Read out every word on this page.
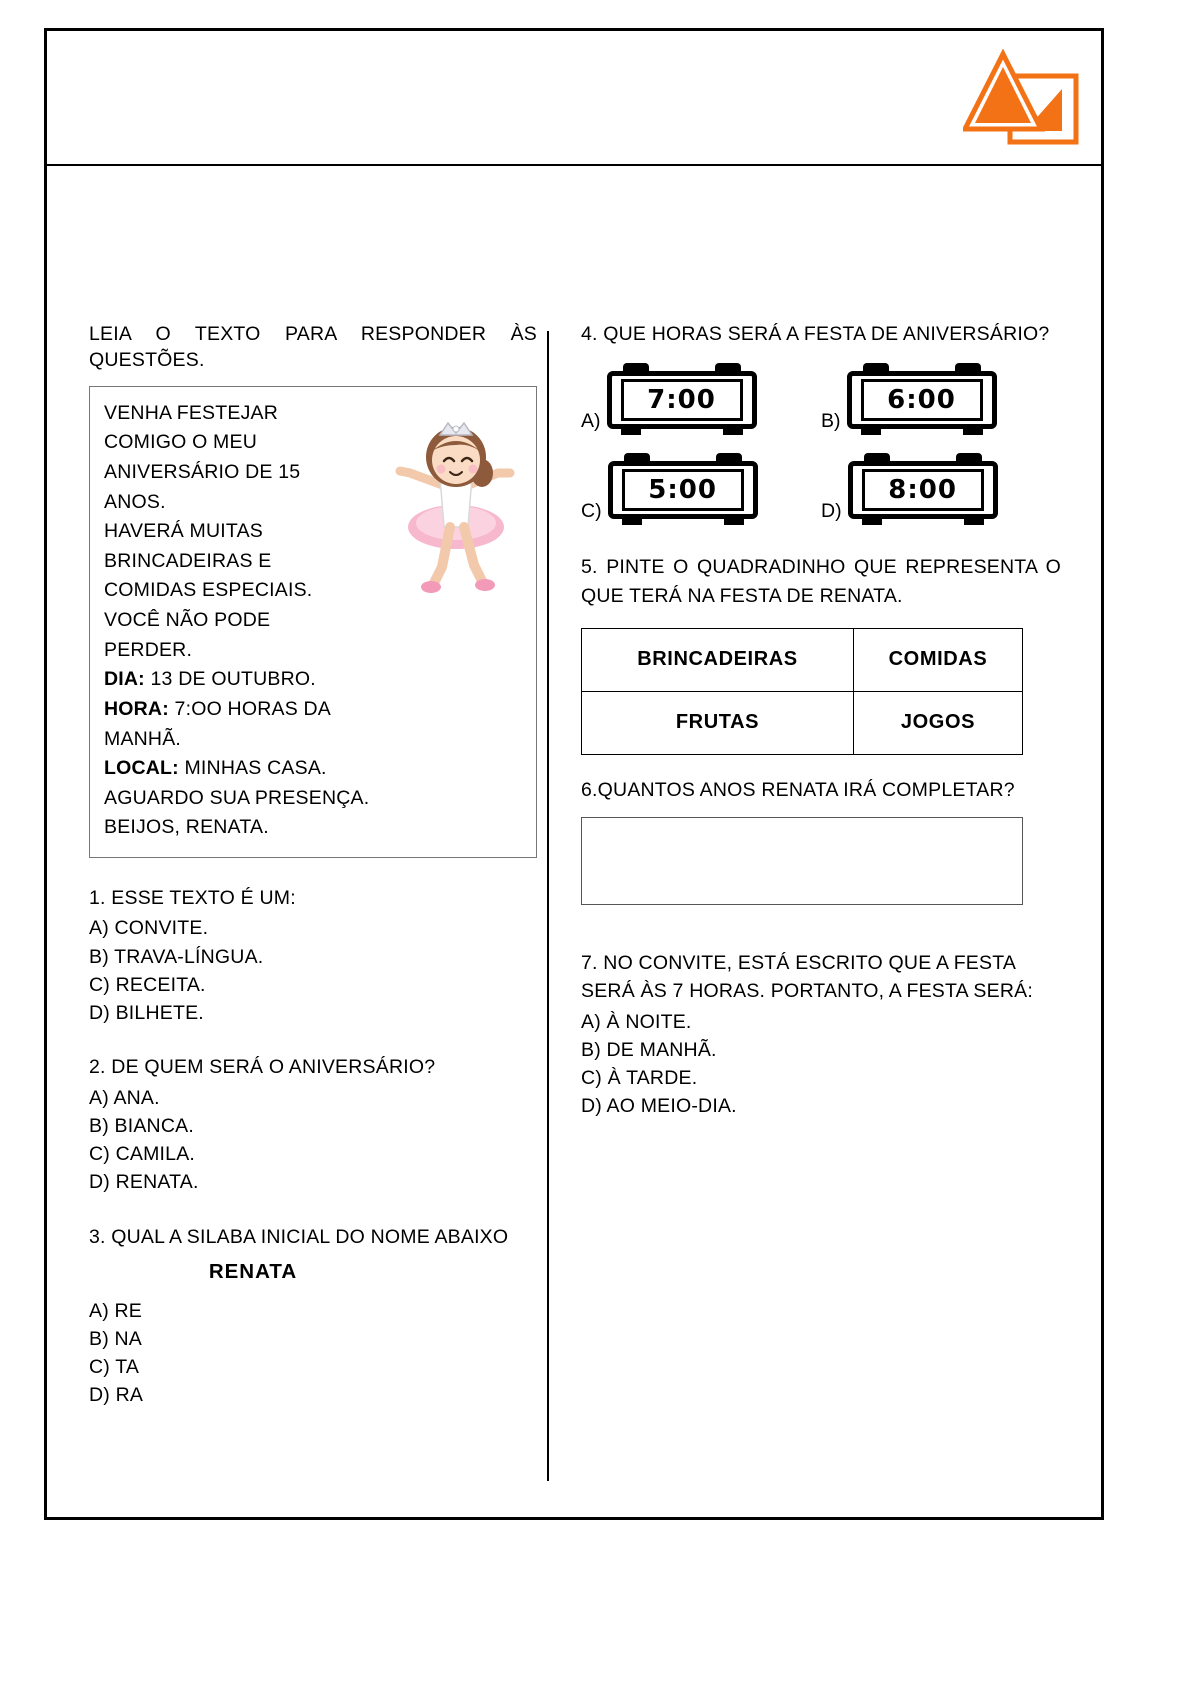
LEIA O TEXTO PARA RESPONDER ÀS QUESTÕES.

VENHA FESTEJAR
COMIGO O MEU
ANIVERSÁRIO DE 15
ANOS.
HAVERÁ MUITAS
BRINCADEIRAS E
COMIDAS ESPECIAIS.
VOCÊ NÃO PODE
PERDER.
DIA: 13 DE OUTUBRO.
HORA: 7:OO HORAS DA MANHÃ.
LOCAL: MINHAS CASA.
AGUARDO SUA PRESENÇA.
BEIJOS, RENATA.
1. ESSE TEXTO É UM:
A) CONVITE.
B) TRAVA-LÍNGUA.
C) RECEITA.
D) BILHETE.
2. DE QUEM SERÁ O ANIVERSÁRIO?
A) ANA.
B) BIANCA.
C) CAMILA.
D) RENATA.
3. QUAL A SILABA INICIAL DO NOME ABAIXO
RENATA
A) RE
B) NA
C) TA
D) RA
4. QUE HORAS SERÁ A FESTA DE ANIVERSÁRIO?
A)
7:00
B)
6:00
C)
5:00
D)
8:00
5. PINTE O QUADRADINHO QUE REPRESENTA O QUE TERÁ NA FESTA DE RENATA.
BRINCADEIRAS	COMIDAS
FRUTAS	JOGOS
6.QUANTOS ANOS RENATA IRÁ COMPLETAR?
7. NO CONVITE, ESTÁ ESCRITO QUE A FESTA SERÁ ÀS 7 HORAS. PORTANTO, A FESTA SERÁ:
A) À NOITE.
B) DE MANHÃ.
C) À TARDE.
D) AO MEIO-DIA.
